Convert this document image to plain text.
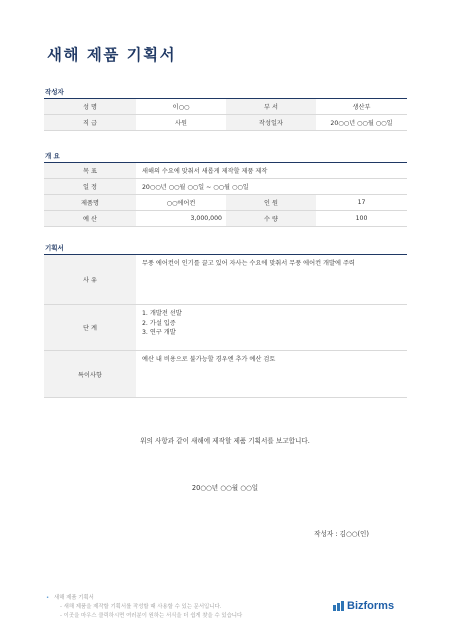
새해 제품 기획서
작성자
성 명	이○○	부 서	생산부
직 급	사원	작성일자	20○○년 ○○월 ○○일
개 요
목 표	새해의 수요에 맞춰서 새롭게 제작할 제품 제작		
일 정	20○○년 ○○월 ○○일 ~ ○○월 ○○일		
제품명	○○에어컨	인 원	17
예 산	3,000,000	수 량	100
기획서
사 유	무풍 에어컨이 인기를 끌고 있어 자사는 수요에 맞춰서 무풍 에어컨 개발에 주력
단 계	1. 개발전 선발
2. 가설 입증
3. 연구 개발

특이사항	예산 내 비용으로 불가능할 경우엔 추가 예산 검토
위의 사항과 같이 새해에 제작할 제품 기획서를 보고합니다.
20○○년 ○○월 ○○일
작성자 : 김○○(인)
• 새해 제품 기획서
- 새해 제품을 제작할 기획서를 작성할 때 사용할 수 있는 문서입니다.
- 이곳을 마우스 클릭하시면 여러분이 원하는 서식을 더 쉽게 찾을 수 있습니다
Bizforms
